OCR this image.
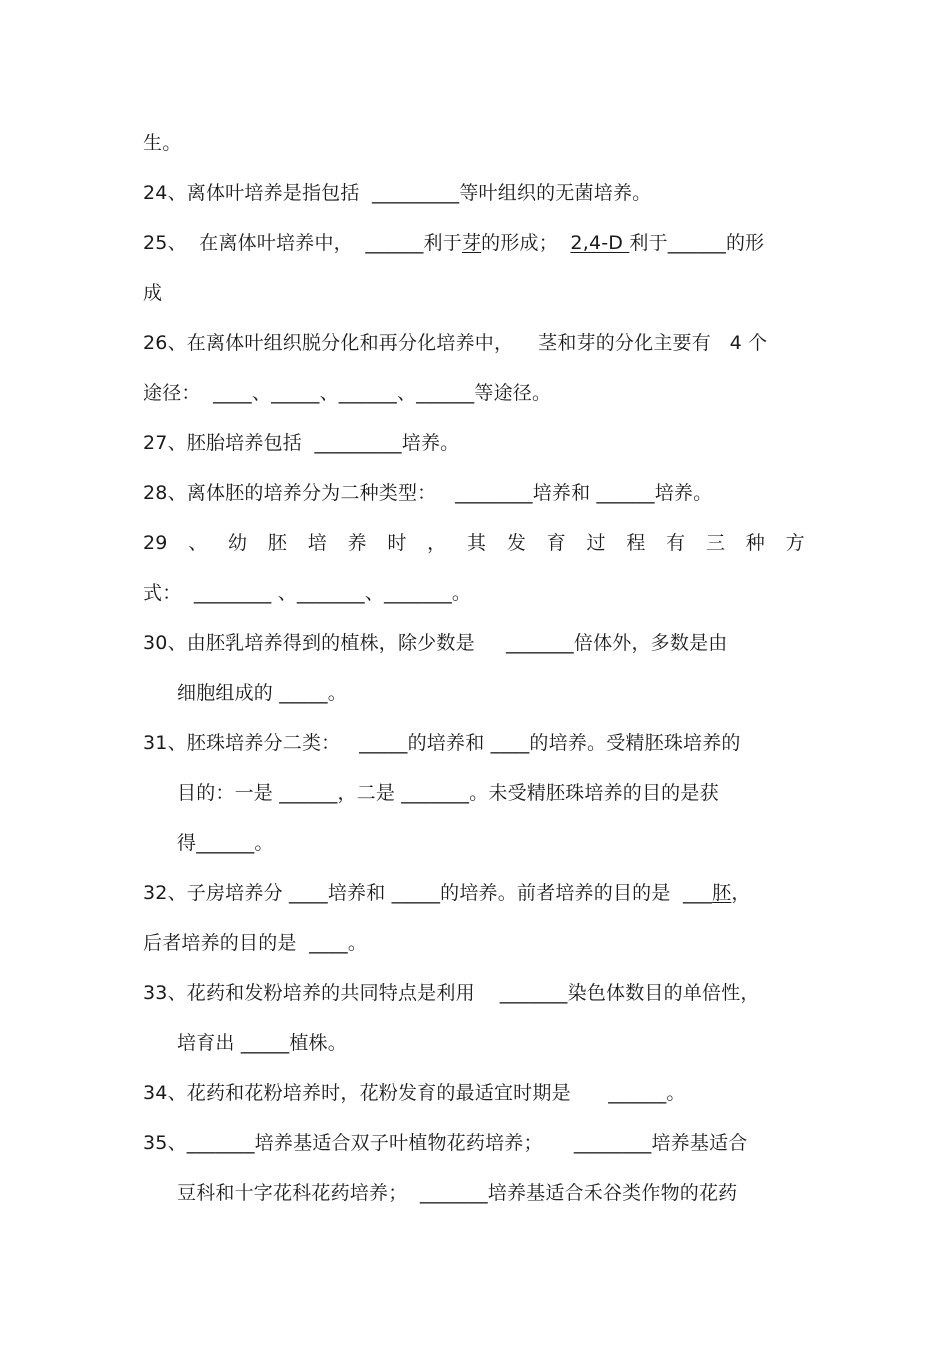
生。
24、离体叶培养是指包括  _________等叶组织的无菌培养。
25、  在离体叶培养中，  ______利于芽的形成；  2,4-D 利于______的形
成
26、在离体叶组织脱分化和再分化培养中，    茎和芽的分化主要有   4 个
途径：  ____、_____、______、______等途径。
27、胚胎培养包括  _________培养。
28、离体胚的培养分为二种类型：   ________培养和 ______培养。
29 、 幼 胚 培 养 时 ， 其 发 育 过 程 有 三 种 方
式：  ________ 、_______、_______。
30、由胚乳培养得到的植株，除少数是     _______倍体外，多数是由
细胞组成的 _____。
31、胚珠培养分二类：   _____的培养和 ____的培养。受精胚珠培养的
目的：一是 ______，二是 _______。未受精胚珠培养的目的是获
得______。
32、子房培养分 ____培养和 _____的培养。前者培养的目的是  ___胚，
后者培养的目的是  ____。
33、花药和发粉培养的共同特点是利用    _______染色体数目的单倍性，
培育出 _____植株。
34、花药和花粉培养时，花粉发育的最适宜时期是      ______。
35、_______培养基适合双子叶植物花药培养；     ________培养基适合
豆科和十字花科花药培养；  _______培养基适合禾谷类作物的花药
